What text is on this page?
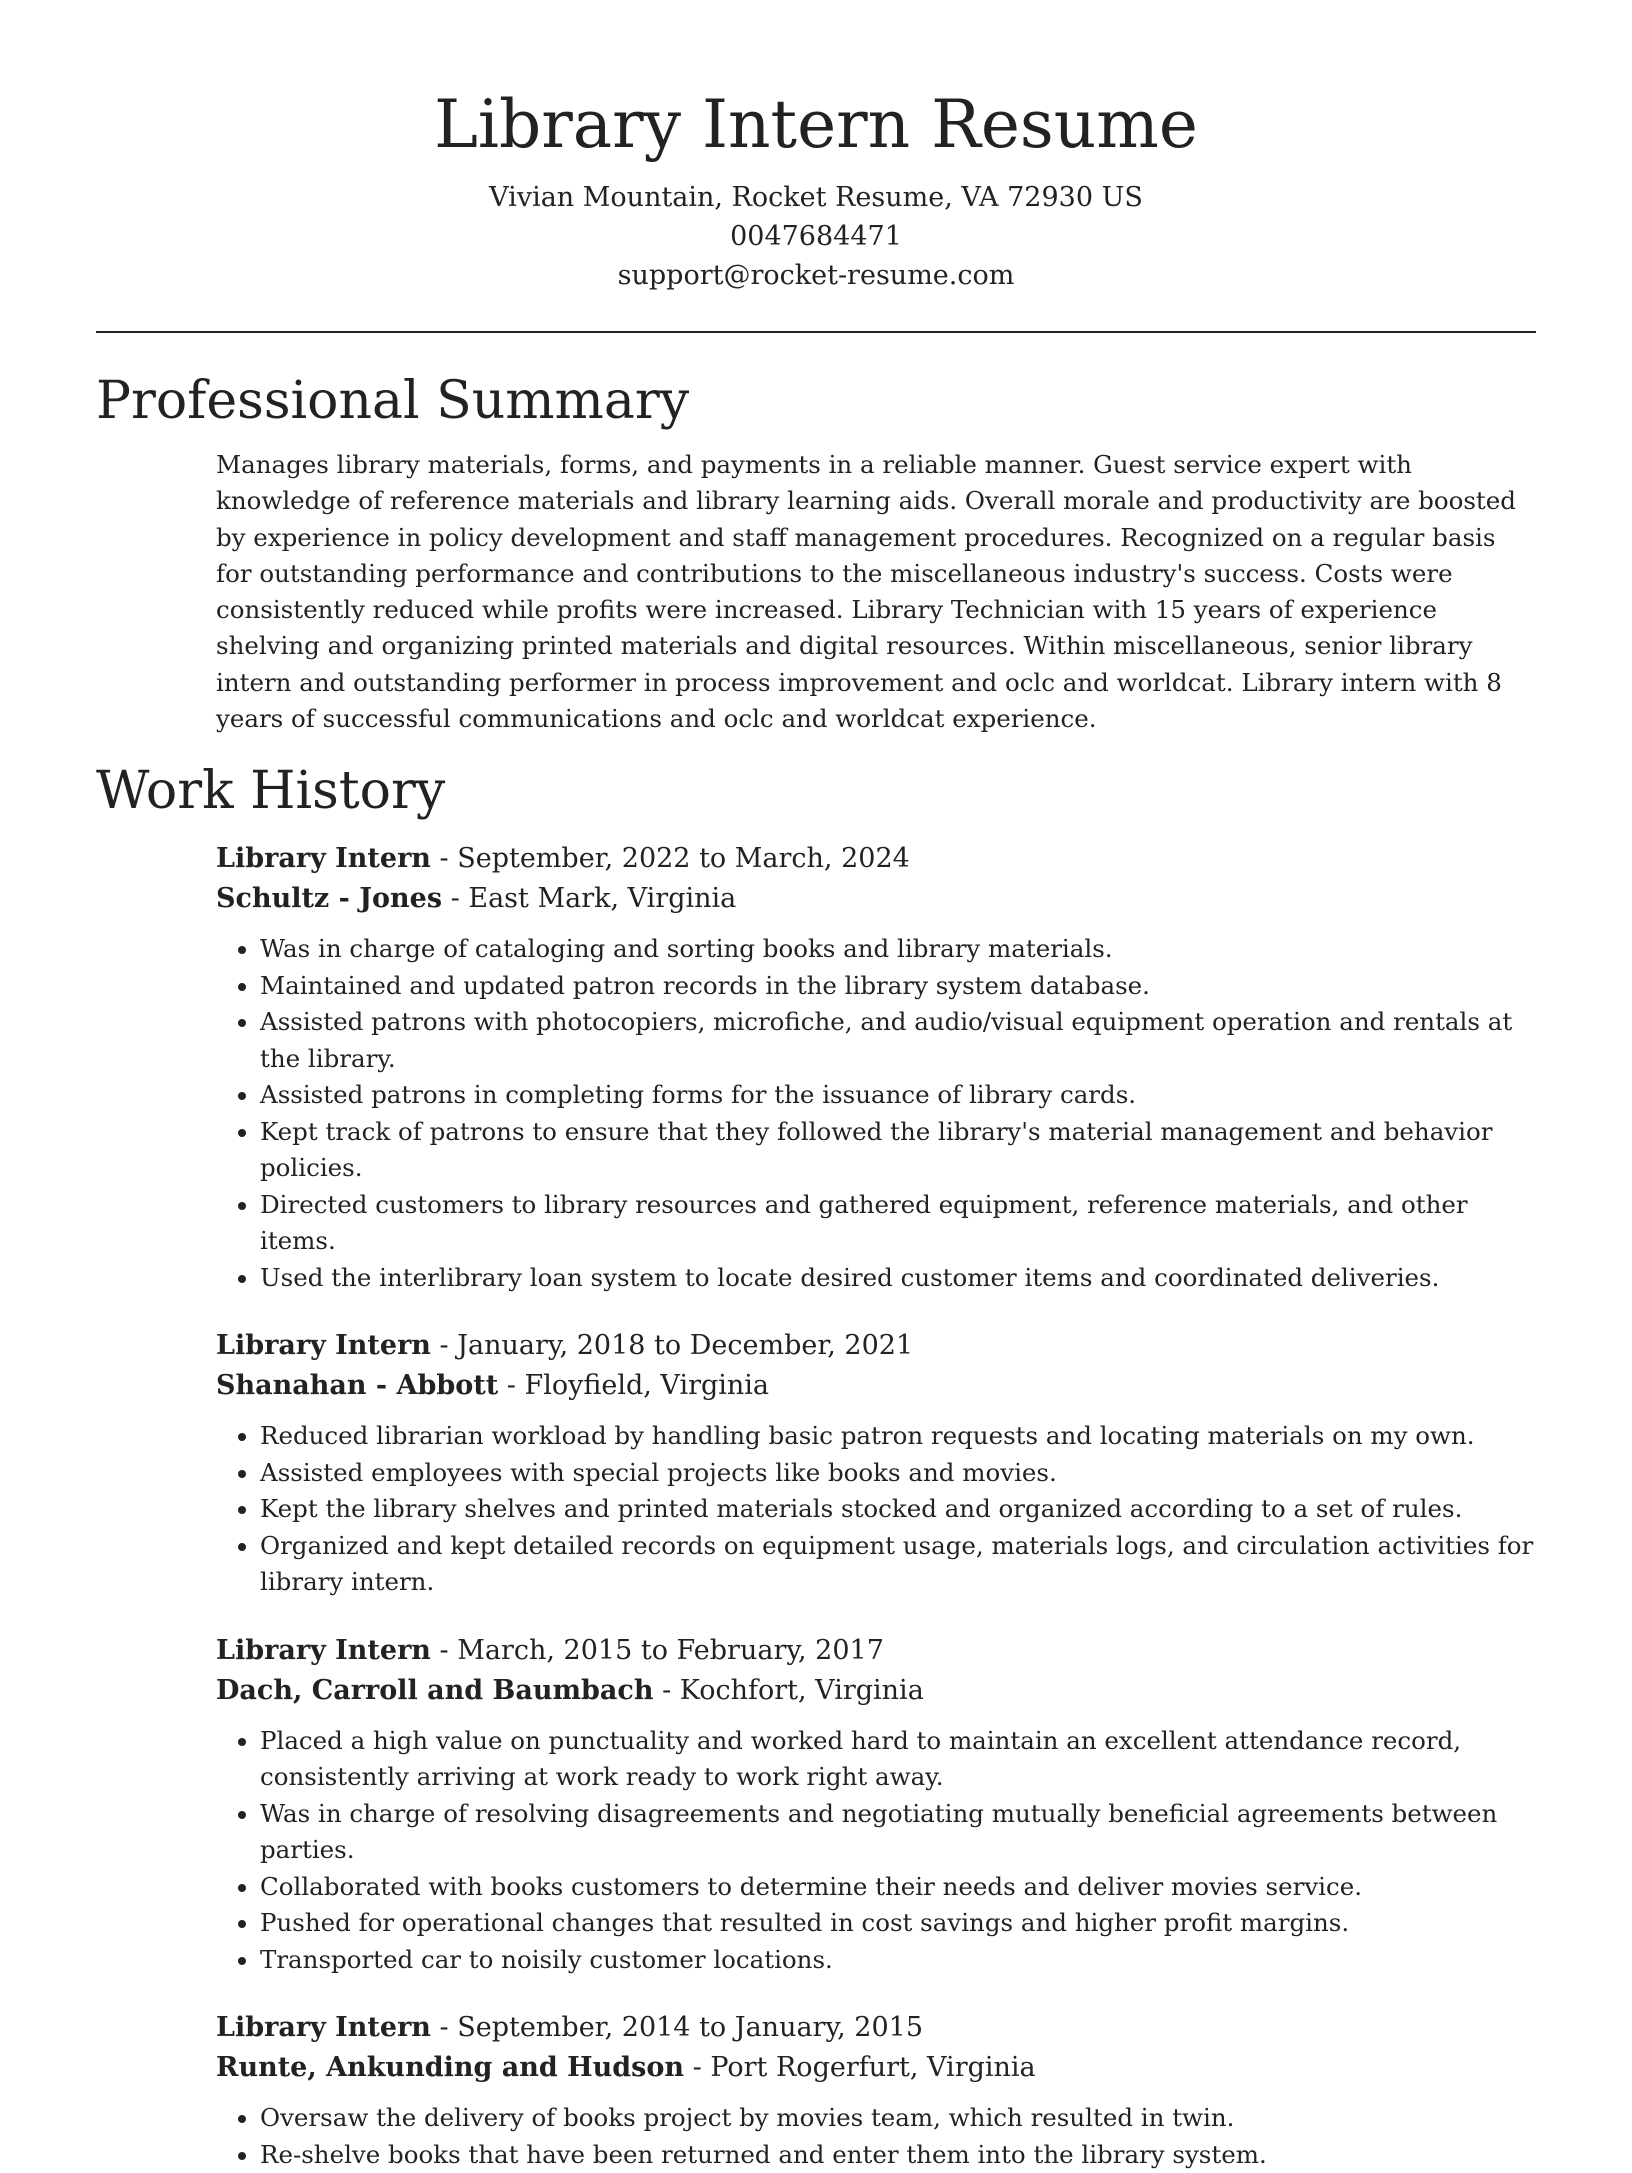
Library Intern Resume

Vivian Mountain, Rocket Resume, VA 72930 US

0047684471

support@rocket-resume.com

Professional Summary

Manages library materials, forms, and payments in a reliable manner. Guest service expert with knowledge of reference materials and library learning aids. Overall morale and productivity are boosted by experience in policy development and staff management procedures. Recognized on a regular basis for outstanding performance and contributions to the miscellaneous industry's success. Costs were consistently reduced while profits were increased. Library Technician with 15 years of experience shelving and organizing printed materials and digital resources. Within miscellaneous, senior library intern and outstanding performer in process improvement and oclc and worldcat. Library intern with 8 years of successful communications and oclc and worldcat experience.

Work History

Library Intern - September, 2022 to March, 2024

Schultz - Jones - East Mark, Virginia

• Was in charge of cataloging and sorting books and library materials.
• Maintained and updated patron records in the library system database.
• Assisted patrons with photocopiers, microfiche, and audio/visual equipment operation and rentals at the library.
• Assisted patrons in completing forms for the issuance of library cards.
• Kept track of patrons to ensure that they followed the library's material management and behavior policies.
• Directed customers to library resources and gathered equipment, reference materials, and other items.
• Used the interlibrary loan system to locate desired customer items and coordinated deliveries.

Library Intern - January, 2018 to December, 2021

Shanahan - Abbott - Floyfield, Virginia

• Reduced librarian workload by handling basic patron requests and locating materials on my own.
• Assisted employees with special projects like books and movies.
• Kept the library shelves and printed materials stocked and organized according to a set of rules.
• Organized and kept detailed records on equipment usage, materials logs, and circulation activities for library intern.

Library Intern - March, 2015 to February, 2017

Dach, Carroll and Baumbach - Kochfort, Virginia

• Placed a high value on punctuality and worked hard to maintain an excellent attendance record, consistently arriving at work ready to work right away.
• Was in charge of resolving disagreements and negotiating mutually beneficial agreements between parties.
• Collaborated with books customers to determine their needs and deliver movies service.
• Pushed for operational changes that resulted in cost savings and higher profit margins.
• Transported car to noisily customer locations.

Library Intern - September, 2014 to January, 2015

Runte, Ankunding and Hudson - Port Rogerfurt, Virginia

• Oversaw the delivery of books project by movies team, which resulted in twin.
• Re-shelve books that have been returned and enter them into the library system.
